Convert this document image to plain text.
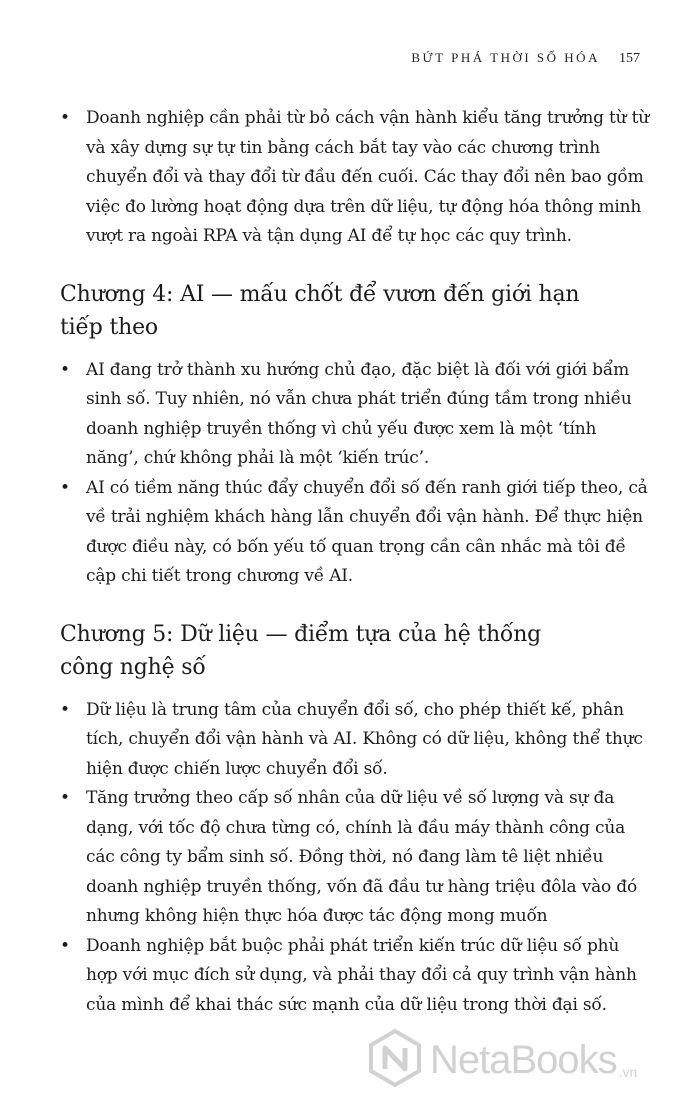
BỨT PHÁ THỜI SỐ HÓA 157
• Doanh nghiệp cần phải từ bỏ cách vận hành kiểu tăng trưởng từ từ và xây dựng sự tự tin bằng cách bắt tay vào các chương trình chuyển đổi và thay đổi từ đầu đến cuối. Các thay đổi nên bao gồm việc đo lường hoạt động dựa trên dữ liệu, tự động hóa thông minh vượt ra ngoài RPA và tận dụng AI để tự học các quy trình.
Chương 4: AI — mấu chốt để vươn đến giới hạn tiếp theo
• AI đang trở thành xu hướng chủ đạo, đặc biệt là đối với giới bẩm sinh số. Tuy nhiên, nó vẫn chưa phát triển đúng tầm trong nhiều doanh nghiệp truyền thống vì chủ yếu được xem là một ‘tính năng’, chứ không phải là một ‘kiến trúc’.
• AI có tiềm năng thúc đẩy chuyển đổi số đến ranh giới tiếp theo, cả về trải nghiệm khách hàng lẫn chuyển đổi vận hành. Để thực hiện được điều này, có bốn yếu tố quan trọng cần cân nhắc mà tôi đề cập chi tiết trong chương về AI.
Chương 5: Dữ liệu — điểm tựa của hệ thống công nghệ số
• Dữ liệu là trung tâm của chuyển đổi số, cho phép thiết kế, phân tích, chuyển đổi vận hành và AI. Không có dữ liệu, không thể thực hiện được chiến lược chuyển đổi số.
• Tăng trưởng theo cấp số nhân của dữ liệu về số lượng và sự đa dạng, với tốc độ chưa từng có, chính là đầu máy thành công của các công ty bẩm sinh số. Đồng thời, nó đang làm tê liệt nhiều doanh nghiệp truyền thống, vốn đã đầu tư hàng triệu đôla vào đó nhưng không hiện thực hóa được tác động mong muốn
• Doanh nghiệp bắt buộc phải phát triển kiến trúc dữ liệu số phù hợp với mục đích sử dụng, và phải thay đổi cả quy trình vận hành của mình để khai thác sức mạnh của dữ liệu trong thời đại số.
NetaBooks .vn
